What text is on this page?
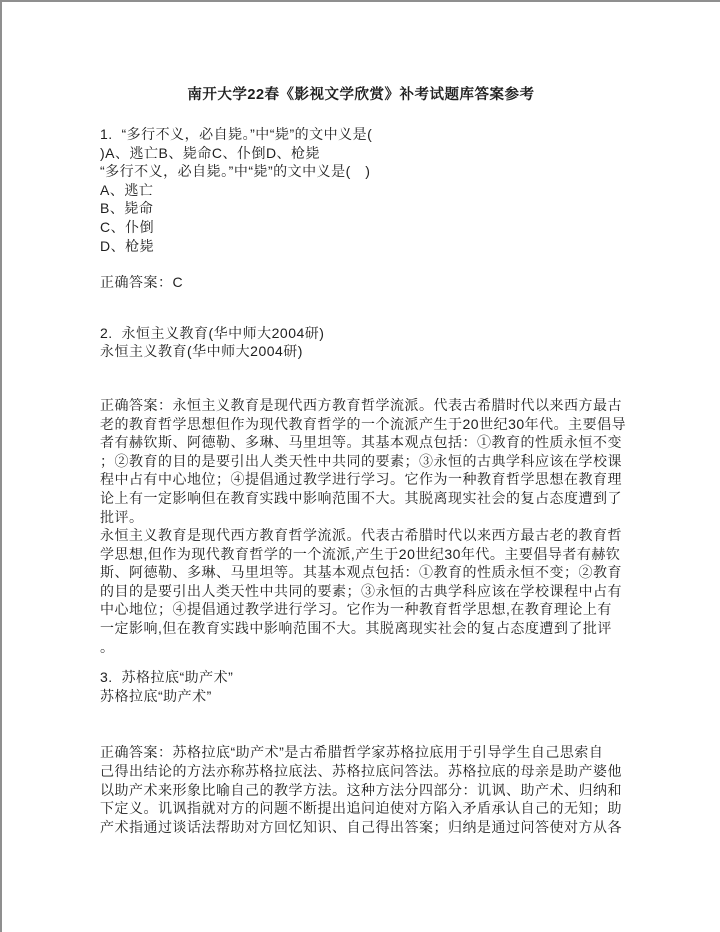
南开大学22春《影视文学欣赏》补考试题库答案参考
1.  “多行不义，必自毙。”中“毙”的文中义是(
)A、逃亡B、毙命C、仆倒D、枪毙
“多行不义，必自毙。”中“毙”的文中义是(　)
A、逃亡
B、毙命
C、仆倒
D、枪毙
正确答案：C
2.  永恒主义教育(华中师大2004研)
永恒主义教育(华中师大2004研)
正确答案：永恒主义教育是现代西方教育哲学流派。代表古希腊时代以来西方最古
老的教育哲学思想但作为现代教育哲学的一个流派产生于20世纪30年代。主要倡导
者有赫钦斯、阿德勒、多琳、马里坦等。其基本观点包括：①教育的性质永恒不变
；②教育的目的是要引出人类天性中共同的要素；③永恒的古典学科应该在学校课
程中占有中心地位；④提倡通过教学进行学习。它作为一种教育哲学思想在教育理
论上有一定影响但在教育实践中影响范围不大。其脱离现实社会的复占态度遭到了
批评。
永恒主义教育是现代西方教育哲学流派。代表古希腊时代以来西方最古老的教育哲
学思想,但作为现代教育哲学的一个流派,产生于20世纪30年代。主要倡导者有赫钦
斯、阿德勒、多琳、马里坦等。其基本观点包括：①教育的性质永恒不变；②教育
的目的是要引出人类天性中共同的要素；③永恒的古典学科应该在学校课程中占有
中心地位；④提倡通过教学进行学习。它作为一种教育哲学思想,在教育理论上有
一定影响,但在教育实践中影响范围不大。其脱离现实社会的复占态度遭到了批评
。
3.  苏格拉底“助产术”
苏格拉底“助产术”
正确答案：苏格拉底“助产术”是古希腊哲学家苏格拉底用于引导学生自己思索自
己得出结论的方法亦称苏格拉底法、苏格拉底问答法。苏格拉底的母亲是助产婆他
以助产术来形象比喻自己的教学方法。这种方法分四部分：讥讽、助产术、归纳和
下定义。讥讽指就对方的问题不断提出追问迫使对方陷入矛盾承认自己的无知；助
产术指通过谈话法帮助对方回忆知识、自己得出答案；归纳是通过问答使对方从各
